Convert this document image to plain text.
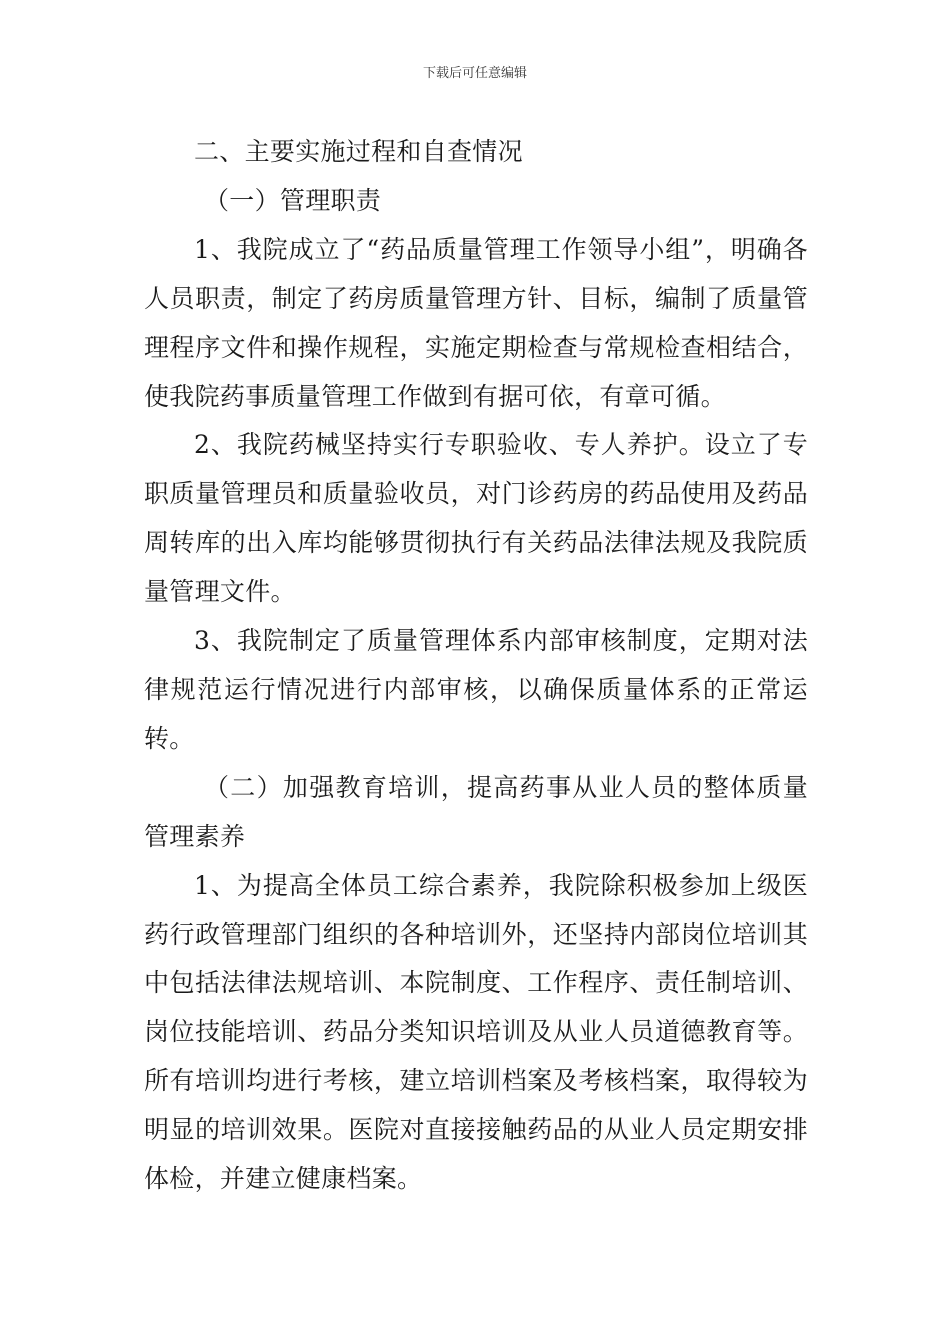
下载后可任意编辑

二、主要实施过程和自查情况

（一）管理职责

1、我院成立了“药品质量管理工作领导小组”，明确各人员职责，制定了药房质量管理方针、目标，编制了质量管理程序文件和操作规程，实施定期检查与常规检查相结合，使我院药事质量管理工作做到有据可依，有章可循。

2、我院药械坚持实行专职验收、专人养护。设立了专职质量管理员和质量验收员，对门诊药房的药品使用及药品周转库的出入库均能够贯彻执行有关药品法律法规及我院质量管理文件。

3、我院制定了质量管理体系内部审核制度，定期对法律规范运行情况进行内部审核，以确保质量体系的正常运转。

（二）加强教育培训，提高药事从业人员的整体质量管理素养

1、为提高全体员工综合素养，我院除积极参加上级医药行政管理部门组织的各种培训外，还坚持内部岗位培训其中包括法律法规培训、本院制度、工作程序、责任制培训、岗位技能培训、药品分类知识培训及从业人员道德教育等。所有培训均进行考核，建立培训档案及考核档案，取得较为明显的培训效果。医院对直接接触药品的从业人员定期安排体检，并建立健康档案。
